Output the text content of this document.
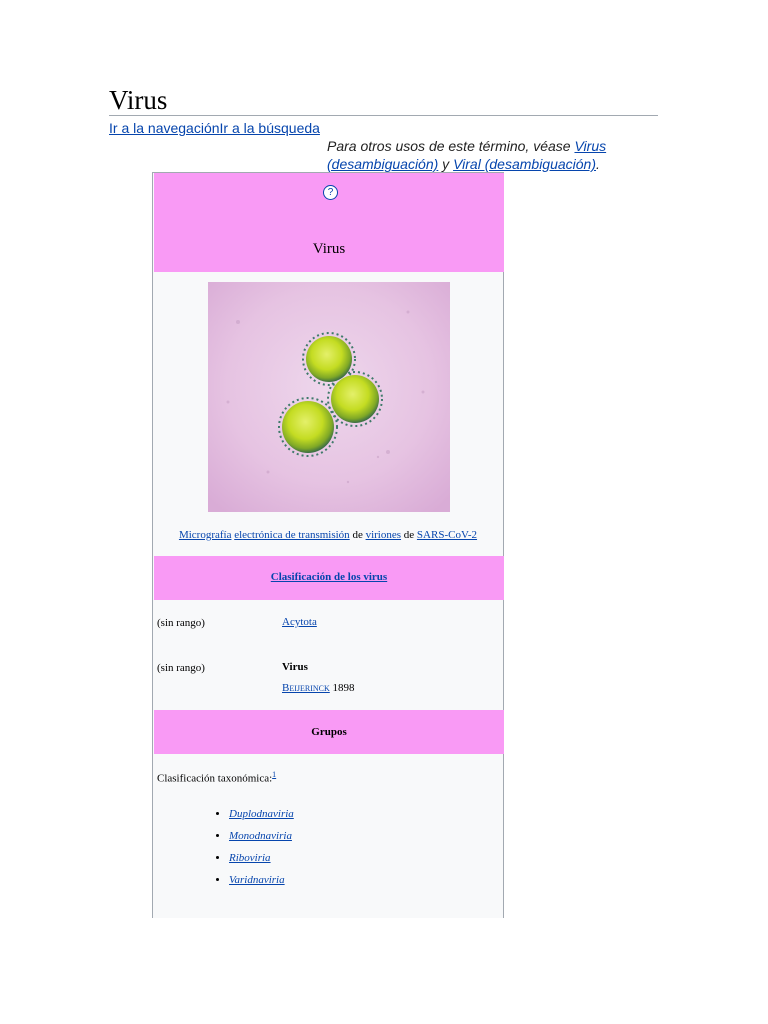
Virus
Ir a la navegaciónIr a la búsqueda
Para otros usos de este término, véase Virus (desambiguación) y Viral (desambiguación).
?
Virus
Micrografía electrónica de transmisión de viriones de SARS-CoV-2
Clasificación de los virus
(sin rango)	Acytota
(sin rango)	Virus
Beijerinck 1898
Grupos
Clasificación taxonómica:$^1$
• Duplodnaviria
• Monodnaviria
• Riboviria
• Varidnaviria
